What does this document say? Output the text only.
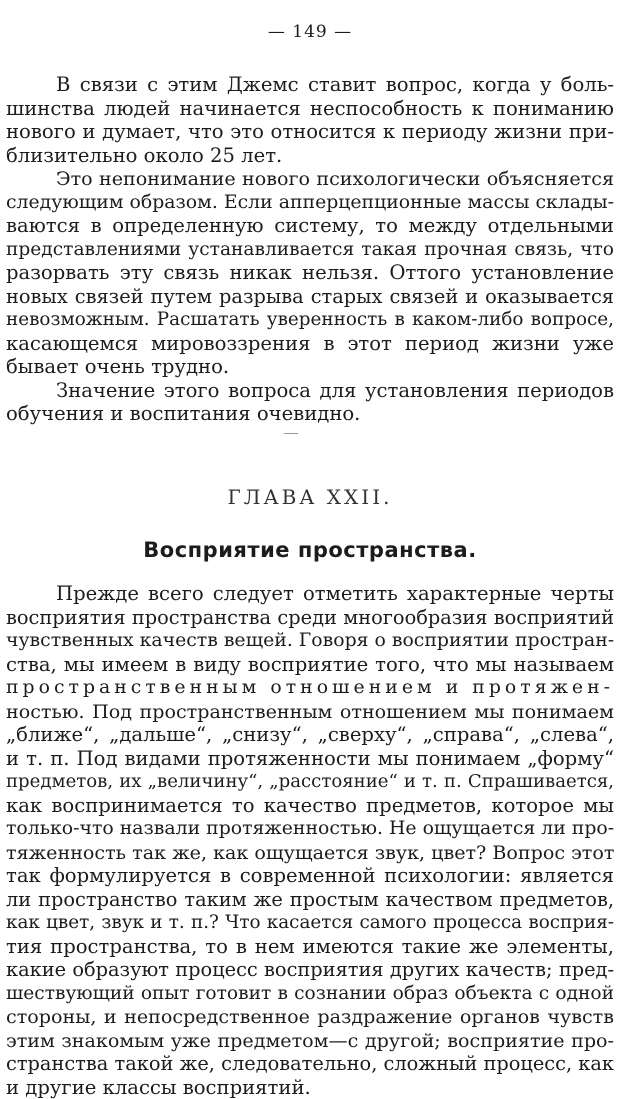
— 149 —
В связи с этим Джемс ставит вопрос, когда у боль-
шинства людей начинается неспособность к пониманию
нового и думает, что это относится к периоду жизни при-
близительно около 25 лет.
Это непонимание нового психологически объясняется
следующим образом. Если апперцепционные массы склады-
ваются в определенную систему, то между отдельными
представлениями устанавливается такая прочная связь, что
разорвать эту связь никак нельзя. Оттого установление
новых связей путем разрыва старых связей и оказывается
невозможным. Расшатать уверенность в каком-либо вопросе,
касающемся мировоззрения в этот период жизни уже
бывает очень трудно.
Значение этого вопроса для установления периодов
обучения и воспитания очевидно.
ГЛАВА XXII.
Восприятие пространства.
Прежде всего следует отметить характерные черты
восприятия пространства среди многообразия восприятий
чувственных качеств вещей. Говоря о восприятии простран-
ства, мы имеем в виду восприятие того, что мы называем
пространственным отношением и протяжен-
ностью. Под пространственным отношением мы понимаем
„ближе“, „дальше“, „снизу“, „сверху“, „справа“, „слева“,
и т. п. Под видами протяженности мы понимаем „форму“
предметов, их „величину“, „расстояние“ и т. п. Спрашивается,
как воспринимается то качество предметов, которое мы
только-что назвали протяженностью. Не ощущается ли про-
тяженность так же, как ощущается звук, цвет? Вопрос этот
так формулируется в современной психологии: является
ли пространство таким же простым качеством предметов,
как цвет, звук и т. п.? Что касается самого процесса восприя-
тия пространства, то в нем имеются такие же элементы,
какие образуют процесс восприятия других качеств; пред-
шествующий опыт готовит в сознании образ объекта с одной
стороны, и непосредственное раздражение органов чувств
этим знакомым уже предметом—с другой; восприятие про-
странства такой же, следовательно, сложный процесс, как
и другие классы восприятий.
